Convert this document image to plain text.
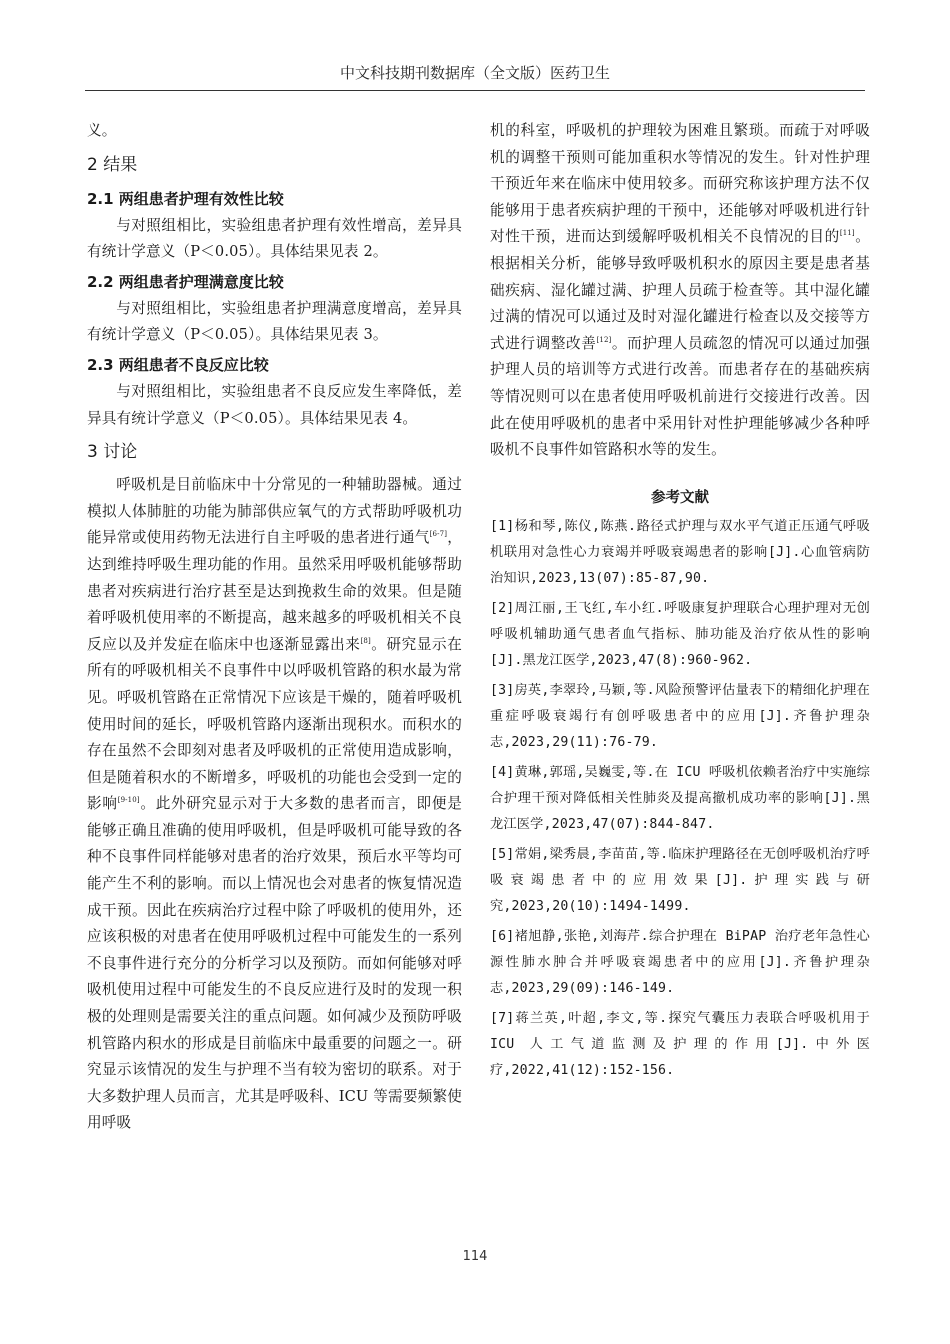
中文科技期刊数据库（全文版）医药卫生

义。

2 结果
2.1 两组患者护理有效性比较

与对照组相比，实验组患者护理有效性增高，差异具有统计学意义（P＜0.05）。具体结果见表 2。

2.2 两组患者护理满意度比较

与对照组相比，实验组患者护理满意度增高，差异具有统计学意义（P＜0.05）。具体结果见表 3。

2.3 两组患者不良反应比较

与对照组相比，实验组患者不良反应发生率降低，差异具有统计学意义（P＜0.05）。具体结果见表 4。

3 讨论

呼吸机是目前临床中十分常见的一种辅助器械。通过模拟人体肺脏的功能为肺部供应氧气的方式帮助呼吸机功能异常或使用药物无法进行自主呼吸的患者进行通气[6-7]，达到维持呼吸生理功能的作用。虽然采用呼吸机能够帮助患者对疾病进行治疗甚至是达到挽救生命的效果。但是随着呼吸机使用率的不断提高，越来越多的呼吸机相关不良反应以及并发症在临床中也逐渐显露出来[8]。研究显示在所有的呼吸机相关不良事件中以呼吸机管路的积水最为常见。呼吸机管路在正常情况下应该是干燥的，随着呼吸机使用时间的延长，呼吸机管路内逐渐出现积水。而积水的存在虽然不会即刻对患者及呼吸机的正常使用造成影响，但是随着积水的不断增多，呼吸机的功能也会受到一定的影响[9-10]。此外研究显示对于大多数的患者而言，即便是能够正确且准确的使用呼吸机，但是呼吸机可能导致的各种不良事件同样能够对患者的治疗效果，预后水平等均可能产生不利的影响。而以上情况也会对患者的恢复情况造成干预。因此在疾病治疗过程中除了呼吸机的使用外，还应该积极的对患者在使用呼吸机过程中可能发生的一系列不良事件进行充分的分析学习以及预防。而如何能够对呼吸机使用过程中可能发生的不良反应进行及时的发现一积极的处理则是需要关注的重点问题。如何减少及预防呼吸机管路内积水的形成是目前临床中最重要的问题之一。研究显示该情况的发生与护理不当有较为密切的联系。对于大多数护理人员而言，尤其是呼吸科、ICU 等需要频繁使用呼吸

机的科室，呼吸机的护理较为困难且繁琐。而疏于对呼吸机的调整干预则可能加重积水等情况的发生。针对性护理干预近年来在临床中使用较多。而研究称该护理方法不仅能够用于患者疾病护理的干预中，还能够对呼吸机进行针对性干预，进而达到缓解呼吸机相关不良情况的目的[11]。根据相关分析，能够导致呼吸机积水的原因主要是患者基础疾病、湿化罐过满、护理人员疏于检查等。其中湿化罐过满的情况可以通过及时对湿化罐进行检查以及交接等方式进行调整改善[12]。而护理人员疏忽的情况可以通过加强护理人员的培训等方式进行改善。而患者存在的基础疾病等情况则可以在患者使用呼吸机前进行交接进行改善。因此在使用呼吸机的患者中采用针对性护理能够减少各种呼吸机不良事件如管路积水等的发生。

参考文献

[1]杨和琴,陈仪,陈燕.路径式护理与双水平气道正压通气呼吸机联用对急性心力衰竭并呼吸衰竭患者的影响[J].心血管病防治知识,2023,13(07):85-87,90.

[2]周江丽,王飞红,车小红.呼吸康复护理联合心理护理对无创呼吸机辅助通气患者血气指标、肺功能及治疗依从性的影响[J].黑龙江医学,2023,47(8):960-962.

[3]房英,李翠玲,马颖,等.风险预警评估量表下的精细化护理在重症呼吸衰竭行有创呼吸患者中的应用[J].齐鲁护理杂志,2023,29(11):76-79.

[4]黄琳,郭瑶,吴巍雯,等.在 ICU 呼吸机依赖者治疗中实施综合护理干预对降低相关性肺炎及提高撤机成功率的影响[J].黑龙江医学,2023,47(07):844-847.

[5]常娟,梁秀晨,李苗苗,等.临床护理路径在无创呼吸机治疗呼吸衰竭患者中的应用效果[J].护理实践与研究,2023,20(10):1494-1499.

[6]褚旭静,张艳,刘海芹.综合护理在 BiPAP 治疗老年急性心源性肺水肿合并呼吸衰竭患者中的应用[J].齐鲁护理杂志,2023,29(09):146-149.

[7]蒋兰英,叶超,李文,等.探究气囊压力表联合呼吸机用于 ICU 人工气道监测及护理的作用[J].中外医疗,2022,41(12):152-156.

114
